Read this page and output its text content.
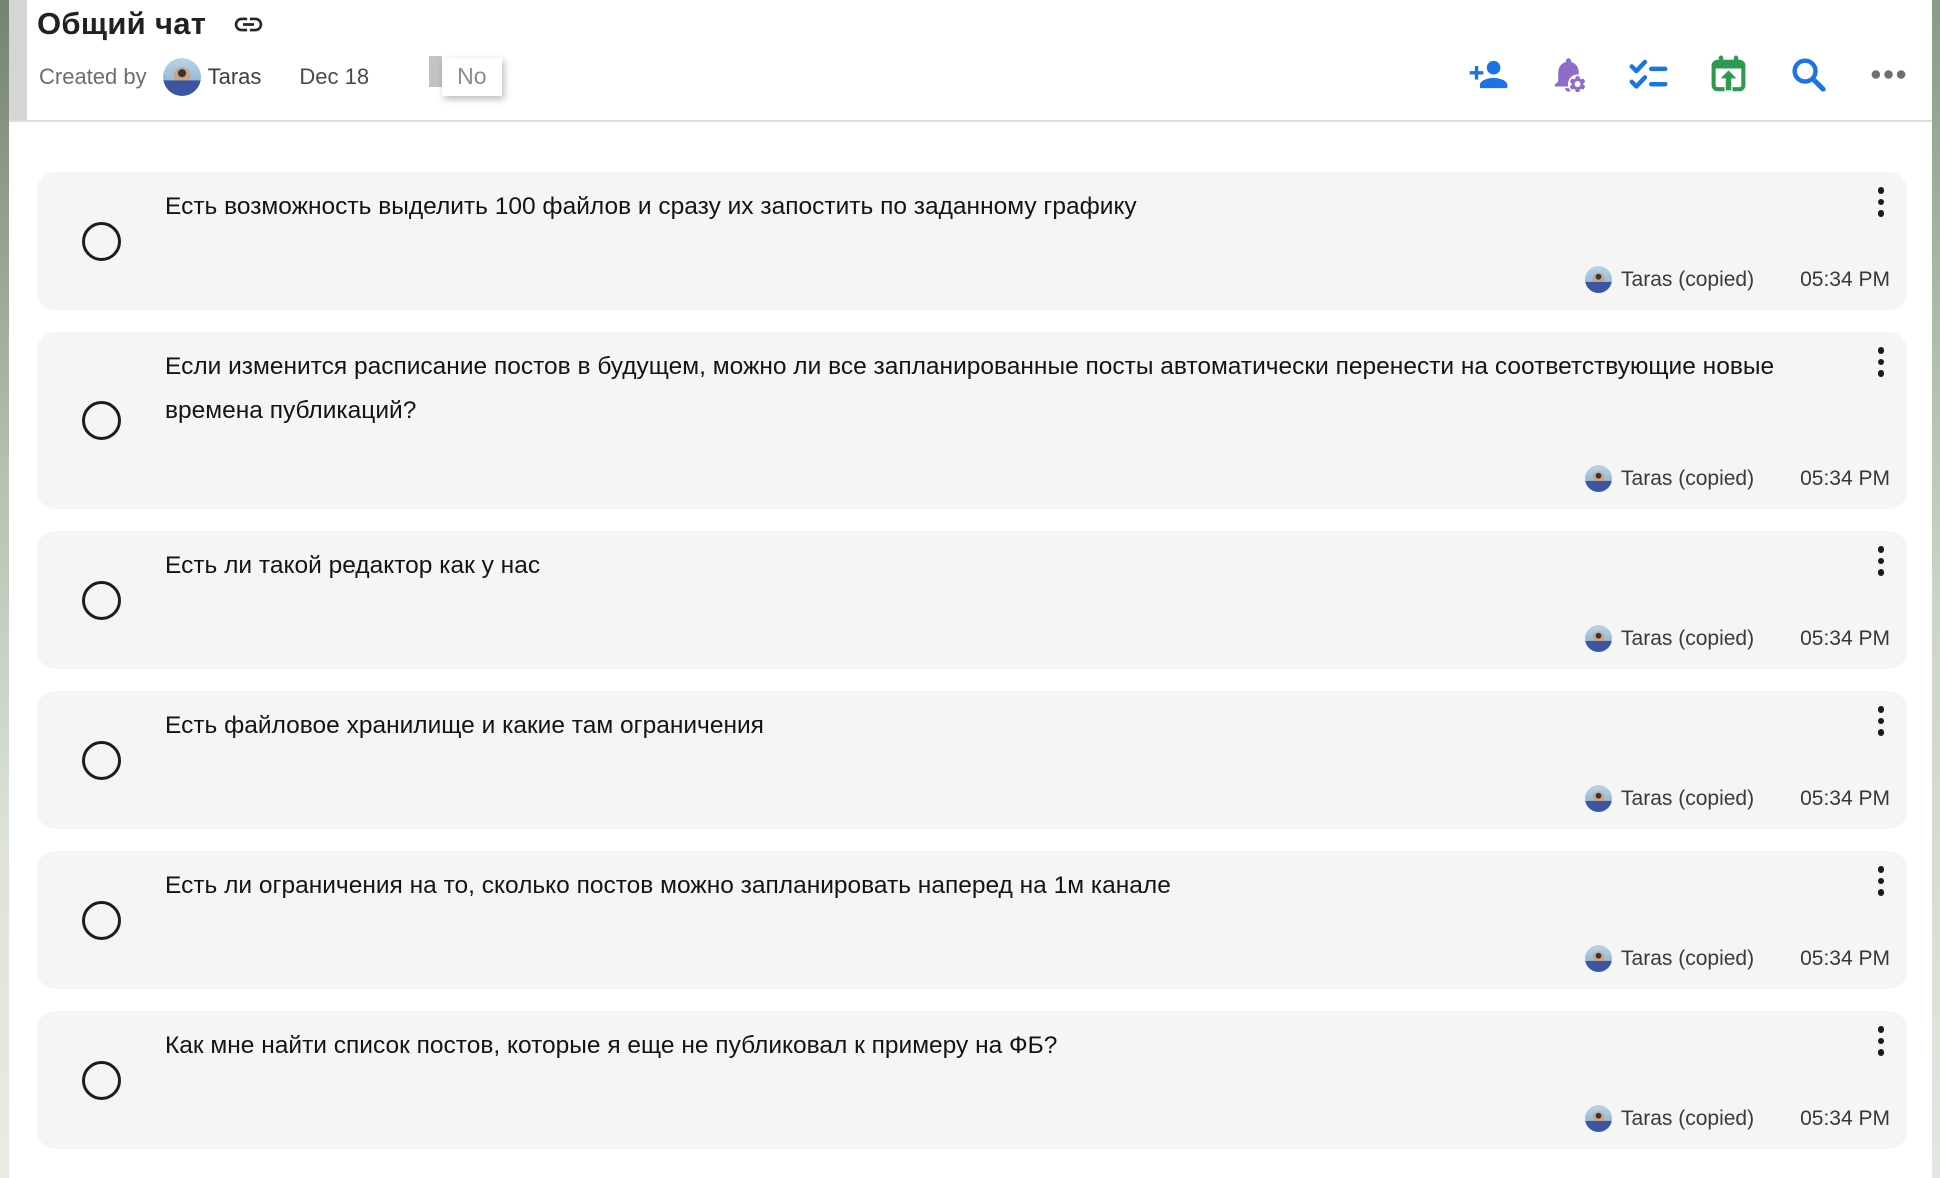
Общий чат
Created by	Taras Dec 18	No
Есть возможность выделить 100 файлов и сразу их запостить по заданному графику
Taras (copied) 05:34 PM
Если изменится расписание постов в будущем, можно ли все запланированные посты автоматически перенести на соответствующие новые времена публикаций?
Taras (copied) 05:34 PM
Есть ли такой редактор как у нас
Taras (copied) 05:34 PM
Есть файловое хранилище и какие там ограничения
Taras (copied) 05:34 PM
Есть ли ограничения на то, сколько постов можно запланировать наперед на 1м канале
Taras (copied) 05:34 PM
Как мне найти список постов, которые я еще не публиковал к примеру на ФБ?
Taras (copied) 05:34 PM
